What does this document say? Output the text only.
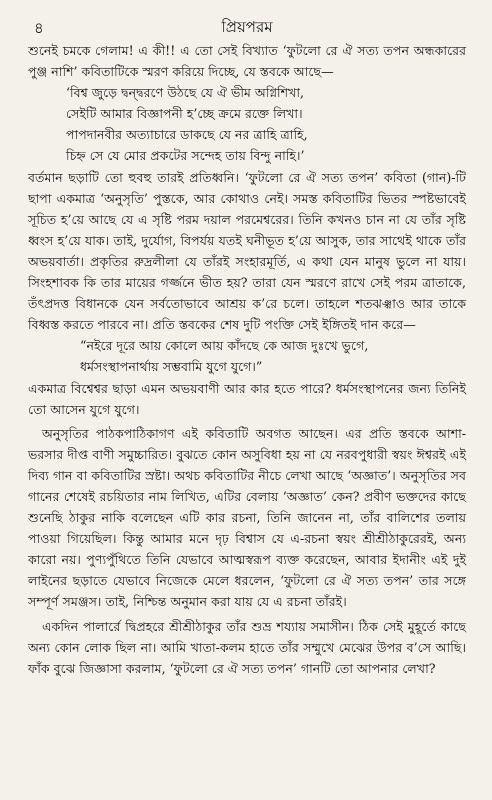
৪	প্রিয়পরম

শুনেই চমকে গেলাম! এ কী!! এ তো সেই বিখ্যাত ‘ফুটলো রে ঐ সত্য তপন অন্ধকারের পুঞ্জ নাশি’ কবিতাটিকে স্মরণ করিয়ে দিচ্ছে, যে স্তবকে আছে—

‘বিশ্ব জুড়ে দ্বন্দ্বরণে উঠছে যে ঐ ভীম অগ্নিশিখা,

সেইটি আমার বিজ্ঞাপনী হ’চ্ছে ক্রমে রক্তে লিখা।

পাপদানবীর অত্যাচারে ডাকছে যে নর ত্রাহি ত্রাহি,

চিহ্ন সে যে মোর প্রকটের সন্দেহ তায় বিন্দু নাহি।’

বর্তমান ছড়াটি তো হুবহু তারই প্রতিধ্বনি। ‘ফুটলো রে ঐ সত্য তপন’ কবিতা (গান)-টি ছাপা একমাত্র ‘অনুসৃতি’ পুস্তকে, আর কোথাও নেই। সমস্ত কবিতাটির ভিতর স্পষ্টভাবেই সূচিত হ’য়ে আছে যে এ সৃষ্টি পরম দয়াল পরমেশ্বরের। তিনি কখনও চান না যে তাঁর সৃষ্টি ধ্বংস হ’য়ে যাক। তাই, দুর্যোগ, বিপর্যয় যতই ঘনীভূত হ’য়ে আসুক, তার সাথেই থাকে তাঁর অভয়বার্তা। প্রকৃতির রুদ্রলীলা যে তাঁরই সংহারমূর্তি, এ কথা যেন মানুষ ভুলে না যায়। সিংহশাবক কি তার মায়ের গর্জ্জনে ভীত হয়? তারা যেন স্মরণে রাখে সেই পরম ত্রাতাকে, তঁৎপ্রদত্ত বিধানকে যেন সর্বতোভাবে আশ্রয় ক’রে চলে। তাহলে শতঝঞ্ঝাও আর তাকে বিধ্বস্ত করতে পারবে না। প্রতি স্তবকের শেষ দুটি পংক্তি সেই ইঙ্গিতই দান করে—

“নইরে দূরে আয় কোলে আয় কাঁদছে কে আজ দুঃখে ভুগে,

ধর্মসংস্থাপনার্থায় সম্ভবামি যুগে যুগে।”

একমাত্র বিশ্বেশ্বর ছাড়া এমন অভয়বাণী আর কার হতে পারে? ধর্মসংস্থাপনের জন্য তিনিই তো আসেন যুগে যুগে।

অনুসৃতির পাঠকপাঠিকাগণ এই কবিতাটি অবগত আছেন। এর প্রতি স্তবকে আশা-ভরসার দীপ্ত বাণী সমুচ্চারিত। বুঝতে কোন অসুবিধা হয় না যে নরবপুধারী স্বয়ং ঈশ্বরই এই দিব্য গান বা কবিতাটির স্রষ্টা। অথচ কবিতাটির নীচে লেখা আছে ‘অজ্ঞাত’। অনুসৃতির সব গানের শেষেই রচয়িতার নাম লিখিত, এটির বেলায় ‘অজ্ঞাত’ কেন? প্রবীণ ভক্তদের কাছে শুনেছি ঠাকুর নাকি বলেছেন এটি কার রচনা, তিনি জানেন না, তাঁর বালিশের তলায় পাওয়া গিয়েছিল। কিন্তু আমার মনে দৃঢ় বিশ্বাস যে এ-রচনা স্বয়ং শ্রীশ্রীঠাকুরেরই, অন্য কারো নয়। পুণ্যপুঁথিতে তিনি যেভাবে আত্মস্বরূপ ব্যক্ত করেছেন, আবার ইদানীং এই দুই লাইনের ছড়াতে যেভাবে নিজেকে মেলে ধরলেন, ‘ফুটলো রে ঐ সত্য তপন’ তার সঙ্গে সম্পূর্ণ সমঞ্জস। তাই, নিশ্চিন্ত অনুমান করা যায় যে এ রচনা তাঁরই।

একদিন পালার্রে দ্বিপ্রহরে শ্রীশ্রীঠাকুর তাঁর শুভ্র শয্যায় সমাসীন। ঠিক সেই মুহূর্তে কাছে অন্য কোন লোক ছিল না। আমি খাতা-কলম হাতে তাঁর সম্মুখে মেঝের উপর ব’সে আছি। ফাঁক বুঝে জিজ্ঞাসা করলাম, ‘ফুটলো রে ঐ সত্য তপন’ গানটি তো আপনার লেখা?
